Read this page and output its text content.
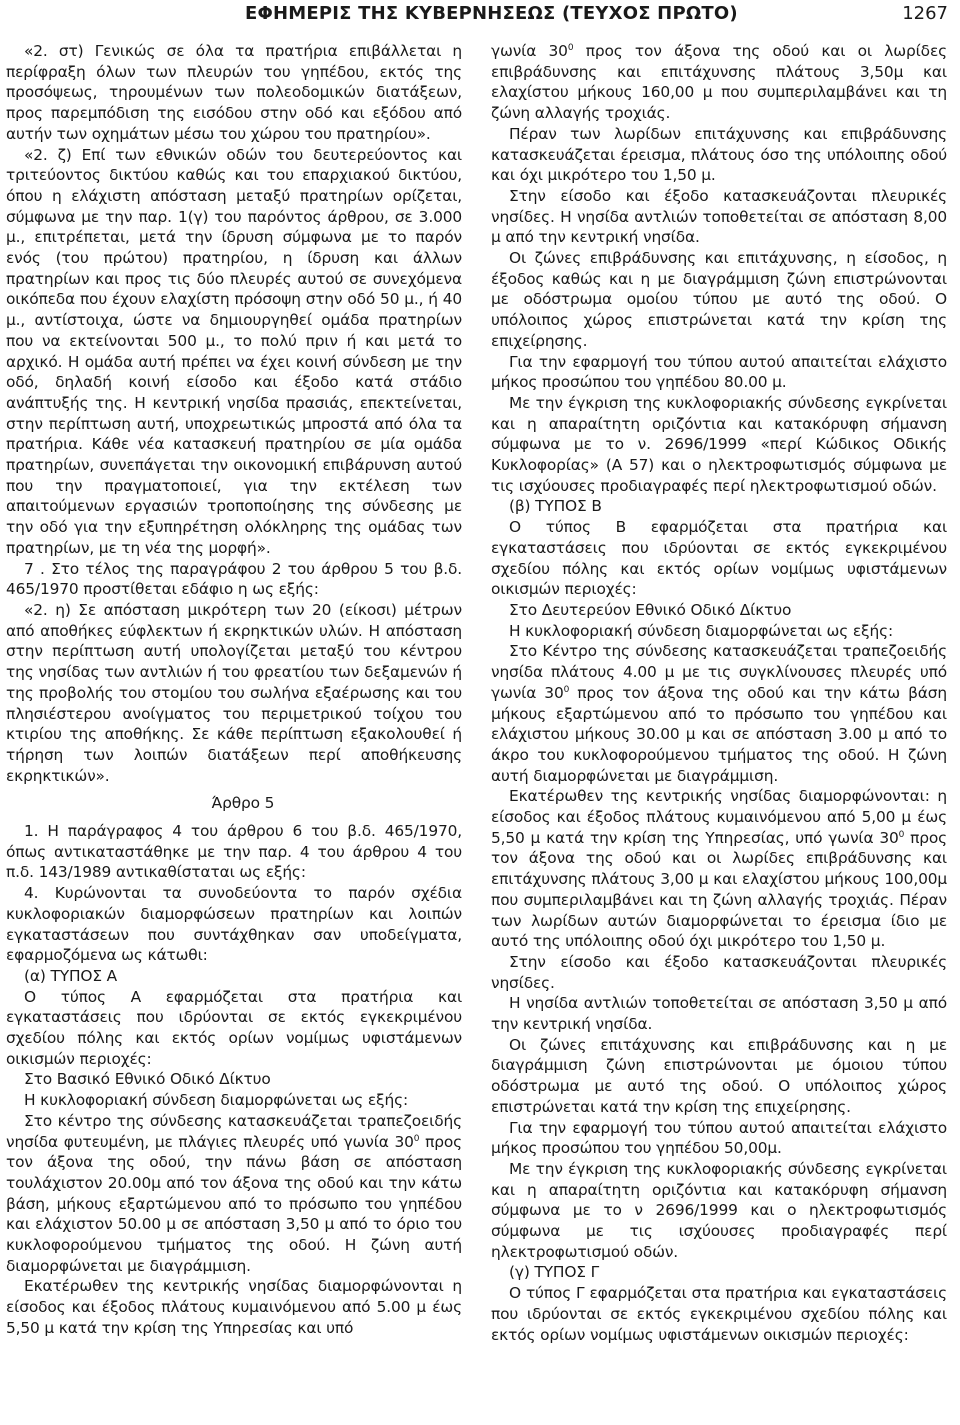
ΕΦΗΜΕΡΙΣ ΤΗΣ ΚΥΒΕΡΝΗΣΕΩΣ (ΤΕΥΧΟΣ ΠΡΩΤΟ)	1267

«2. στ) Γενικώς σε όλα τα πρατήρια επιβάλλεται η περίφραξη όλων των πλευρών του γηπέδου, εκτός της προσόψεως, τηρουμένων των πολεοδομικών διατάξεων, προς παρεμπόδιση της εισόδου στην οδό και εξόδου από αυτήν των οχημάτων μέσω του χώρου του πρατηρίου».

«2. ζ) Επί των εθνικών οδών του δευτερεύοντος και τριτεύοντος δικτύου καθώς και του επαρχιακού δικτύου, όπου η ελάχιστη απόσταση μεταξύ πρατηρίων ορίζεται, σύμφωνα με την παρ. 1(γ) του παρόντος άρθρου, σε 3.000 μ., επιτρέπεται, μετά την ίδρυση σύμφωνα με το παρόν ενός (του πρώτου) πρατηρίου, η ίδρυση και άλλων πρατηρίων και προς τις δύο πλευρές αυτού σε συνεχόμενα οικόπεδα που έχουν ελαχίστη πρόσοψη στην οδό 50 μ., ή 40 μ., αντίστοιχα, ώστε να δημιουργηθεί ομάδα πρατηρίων που να εκτείνονται 500 μ., το πολύ πριν ή και μετά το αρχικό. Η ομάδα αυτή πρέπει να έχει κοινή σύνδεση με την οδό, δηλαδή κοινή είσοδο και έξοδο κατά στάδιο ανάπτυξής της. Η κεντρική νησίδα πρασιάς, επεκτείνεται, στην περίπτωση αυτή, υποχρεωτικώς μπροστά από όλα τα πρατήρια. Κάθε νέα κατασκευή πρατηρίου σε μία ομάδα πρατηρίων, συνεπάγεται την οικονομική επιβάρυνση αυτού που την πραγματοποιεί, για την εκτέλεση των απαιτούμενων εργασιών τροποποίησης της σύνδεσης με την οδό για την εξυπηρέτηση ολόκληρης της ομάδας των πρατηρίων, με τη νέα της μορφή».

7 . Στο τέλος της παραγράφου 2 του άρθρου 5 του β.δ. 465/1970 προστίθεται εδάφιο η ως εξής:

«2. η) Σε απόσταση μικρότερη των 20 (είκοσι) μέτρων από αποθήκες εύφλεκτων ή εκρηκτικών υλών. Η απόσταση στην περίπτωση αυτή υπολογίζεται μεταξύ του κέντρου της νησίδας των αντλιών ή του φρεατίου των δεξαμενών ή της προβολής του στομίου του σωλήνα εξαέρωσης και του πλησιέστερου ανοίγματος του περιμετρικού τοίχου του κτιρίου της αποθήκης. Σε κάθε περίπτωση εξακολουθεί ή τήρηση των λοιπών διατάξεων περί αποθήκευσης εκρηκτικών».

Άρθρο 5

1. Η παράγραφος 4 του άρθρου 6 του β.δ. 465/1970, όπως αντικαταστάθηκε με την παρ. 4 του άρθρου 4 του π.δ. 143/1989 αντικαθίσταται ως εξής:

4. Κυρώνονται τα συνοδεύοντα το παρόν σχέδια κυκλοφοριακών διαμορφώσεων πρατηρίων και λοιπών εγκαταστάσεων που συντάχθηκαν σαν υποδείγματα, εφαρμοζόμενα ως κάτωθι:

(α) ΤΥΠΟΣ Α

Ο τύπος Α εφαρμόζεται στα πρατήρια και εγκαταστάσεις που ιδρύονται σε εκτός εγκεκριμένου σχεδίου πόλης και εκτός ορίων νομίμως υφιστάμενων οικισμών περιοχές:

Στο Βασικό Εθνικό Οδικό Δίκτυο

Η κυκλοφοριακή σύνδεση διαμορφώνεται ως εξής:

Στο κέντρο της σύνδεσης κατασκευάζεται τραπεζοειδής νησίδα φυτευμένη, με πλάγιες πλευρές υπό γωνία $30^0$ προς τον άξονα της οδού, την πάνω βάση σε απόσταση τουλάχιστον 20.00μ από τον άξονα της οδού και την κάτω βάση, μήκους εξαρτώμενου από το πρόσωπο του γηπέδου και ελάχιστον 50.00 μ σε απόσταση 3,50 μ από το όριο του κυκλοφορούμενου τμήματος της οδού. Η ζώνη αυτή διαμορφώνεται με διαγράμμιση.

Εκατέρωθεν της κεντρικής νησίδας διαμορφώνονται η είσοδος και έξοδος πλάτους κυμαινόμενου από 5.00 μ έως 5,50 μ κατά την κρίση της Υπηρεσίας και υπό

γωνία $30^0$ προς τον άξονα της οδού και οι λωρίδες επιβράδυνσης και επιτάχυνσης πλάτους 3,50μ και ελαχίστου μήκους 160,00 μ που συμπεριλαμβάνει και τη ζώνη αλλαγής τροχιάς.

Πέραν των λωρίδων επιτάχυνσης και επιβράδυνσης κατασκευάζεται έρεισμα, πλάτους όσο της υπόλοιπης οδού και όχι μικρότερο του 1,50 μ.

Στην είσοδο και έξοδο κατασκευάζονται πλευρικές νησίδες. Η νησίδα αντλιών τοποθετείται σε απόσταση 8,00 μ από την κεντρική νησίδα.

Οι ζώνες επιβράδυνσης και επιτάχυνσης, η είσοδος, η έξοδος καθώς και η με διαγράμμιση ζώνη επιστρώνονται με οδόστρωμα ομοίου τύπου με αυτό της οδού. Ο υπόλοιπος χώρος επιστρώνεται κατά την κρίση της επιχείρησης.

Για την εφαρμογή του τύπου αυτού απαιτείται ελάχιστο μήκος προσώπου του γηπέδου 80.00 μ.

Με την έγκριση της κυκλοφοριακής σύνδεσης εγκρίνεται και η απαραίτητη οριζόντια και κατακόρυφη σήμανση σύμφωνα με το ν. 2696/1999 «περί Κώδικος Οδικής Κυκλοφορίας» (Α 57) και ο ηλεκτροφωτισμός σύμφωνα με τις ισχύουσες προδιαγραφές περί ηλεκτροφωτισμού οδών.

(β) ΤΥΠΟΣ Β

Ο τύπος Β εφαρμόζεται στα πρατήρια και εγκαταστάσεις που ιδρύονται σε εκτός εγκεκριμένου σχεδίου πόλης και εκτός ορίων νομίμως υφιστάμενων οικισμών περιοχές:

Στο Δευτερεύον Εθνικό Οδικό Δίκτυο

Η κυκλοφοριακή σύνδεση διαμορφώνεται ως εξής:

Στο Κέντρο της σύνδεσης κατασκευάζεται τραπεζοειδής νησίδα πλάτους 4.00 μ με τις συγκλίνουσες πλευρές υπό γωνία $30^0$ προς τον άξονα της οδού και την κάτω βάση μήκους εξαρτώμενου από το πρόσωπο του γηπέδου και ελάχιστου μήκους 30.00 μ και σε απόσταση 3.00 μ από το άκρο του κυκλοφορούμενου τμήματος της οδού. Η ζώνη αυτή διαμορφώνεται με διαγράμμιση.

Εκατέρωθεν της κεντρικής νησίδας διαμορφώνονται: η είσοδος και έξοδος πλάτους κυμαινόμενου από 5,00 μ έως 5,50 μ κατά την κρίση της Υπηρεσίας, υπό γωνία $30^0$ προς τον άξονα της οδού και οι λωρίδες επιβράδυνσης και επιτάχυνσης πλάτους 3,00 μ και ελαχίστου μήκους 100,00μ που συμπεριλαμβάνει και τη ζώνη αλλαγής τροχιάς. Πέραν των λωρίδων αυτών διαμορφώνεται το έρεισμα ίδιο με αυτό της υπόλοιπης οδού όχι μικρότερο του 1,50 μ.

Στην είσοδο και έξοδο κατασκευάζονται πλευρικές νησίδες.

Η νησίδα αντλιών τοποθετείται σε απόσταση 3,50 μ από την κεντρική νησίδα.

Οι ζώνες επιτάχυνσης και επιβράδυνσης και η με διαγράμμιση ζώνη επιστρώνονται με όμοιου τύπου οδόστρωμα με αυτό της οδού. Ο υπόλοιπος χώρος επιστρώνεται κατά την κρίση της επιχείρησης.

Για την εφαρμογή του τύπου αυτού απαιτείται ελάχιστο μήκος προσώπου του γηπέδου 50,00μ.

Με την έγκριση της κυκλοφοριακής σύνδεσης εγκρίνεται και η απαραίτητη οριζόντια και κατακόρυφη σήμανση σύμφωνα με το ν 2696/1999 και ο ηλεκτροφωτισμός σύμφωνα με τις ισχύουσες προδιαγραφές περί ηλεκτροφωτισμού οδών.

(γ) ΤΥΠΟΣ Γ

Ο τύπος Γ εφαρμόζεται στα πρατήρια και εγκαταστάσεις που ιδρύονται σε εκτός εγκεκριμένου σχεδίου πόλης και εκτός ορίων νομίμως υφιστάμενων οικισμών περιοχές:
